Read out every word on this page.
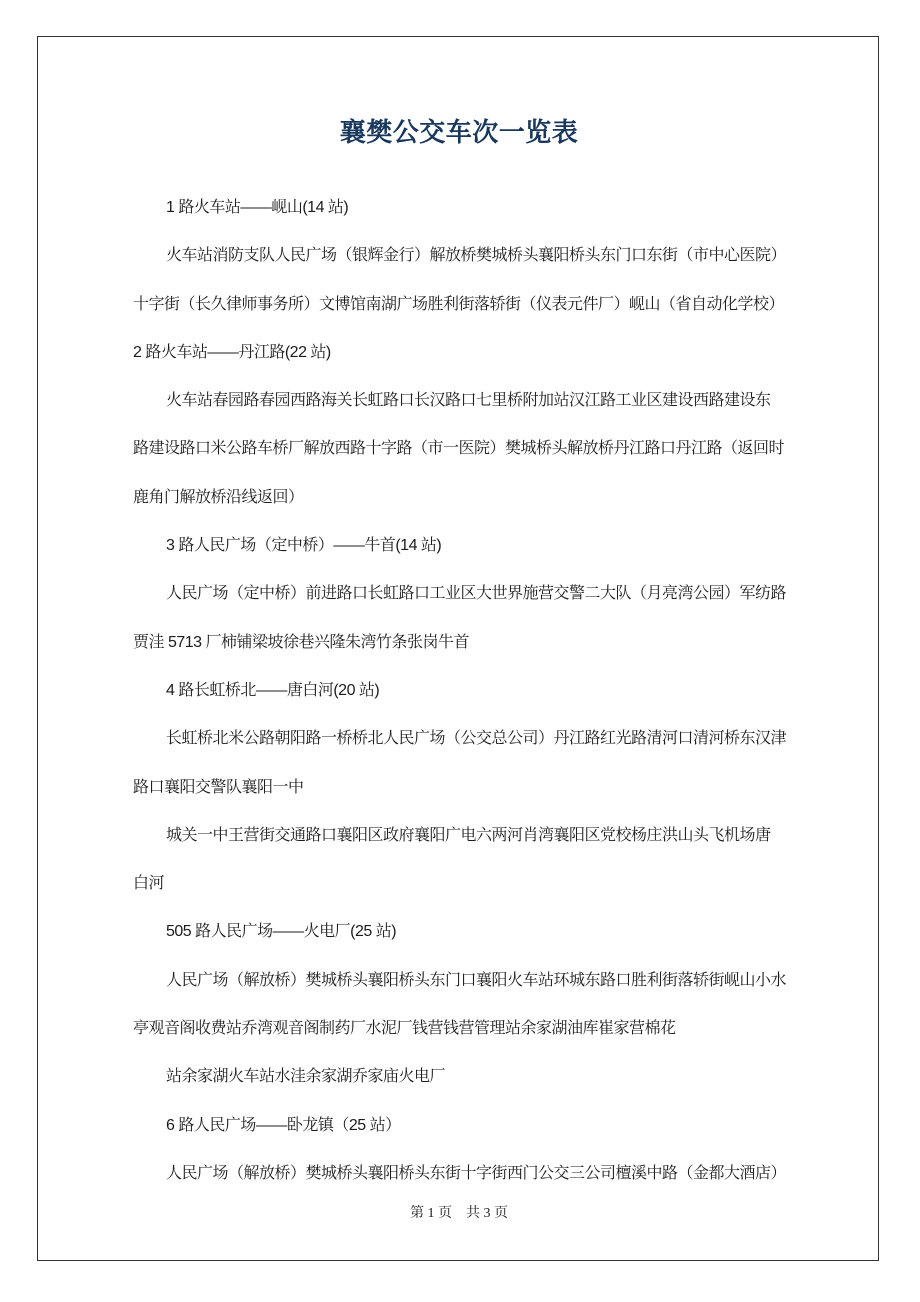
襄樊公交车次一览表
1 路火车站——岘山(14 站)
火车站消防支队人民广场（银辉金行）解放桥樊城桥头襄阳桥头东门口东街（市中心医院）
十字街（长久律师事务所）文博馆南湖广场胜利街落轿街（仪表元件厂）岘山（省自动化学校）
2 路火车站——丹江路(22 站)
火车站春园路春园西路海关长虹路口长汉路口七里桥附加站汉江路工业区建设西路建设东
路建设路口米公路车桥厂解放西路十字路（市一医院）樊城桥头解放桥丹江路口丹江路（返回时
鹿角门解放桥沿线返回）
3 路人民广场（定中桥）——牛首(14 站)
人民广场（定中桥）前进路口长虹路口工业区大世界施营交警二大队（月亮湾公园）军纺路
贾洼 5713 厂柿铺梁坡徐巷兴隆朱湾竹条张岗牛首
4 路长虹桥北——唐白河(20 站)
长虹桥北米公路朝阳路一桥桥北人民广场（公交总公司）丹江路红光路清河口清河桥东汉津
路口襄阳交警队襄阳一中
城关一中王营街交通路口襄阳区政府襄阳广电六两河肖湾襄阳区党校杨庄洪山头飞机场唐
白河
505 路人民广场——火电厂(25 站)
人民广场（解放桥）樊城桥头襄阳桥头东门口襄阳火车站环城东路口胜利街落轿街岘山小水
亭观音阁收费站乔湾观音阁制药厂水泥厂钱营钱营管理站余家湖油库崔家营棉花
站余家湖火车站水洼余家湖乔家庙火电厂
6 路人民广场——卧龙镇（25 站）
人民广场（解放桥）樊城桥头襄阳桥头东街十字街西门公交三公司檀溪中路（金都大酒店）
第 1 页　共 3 页
